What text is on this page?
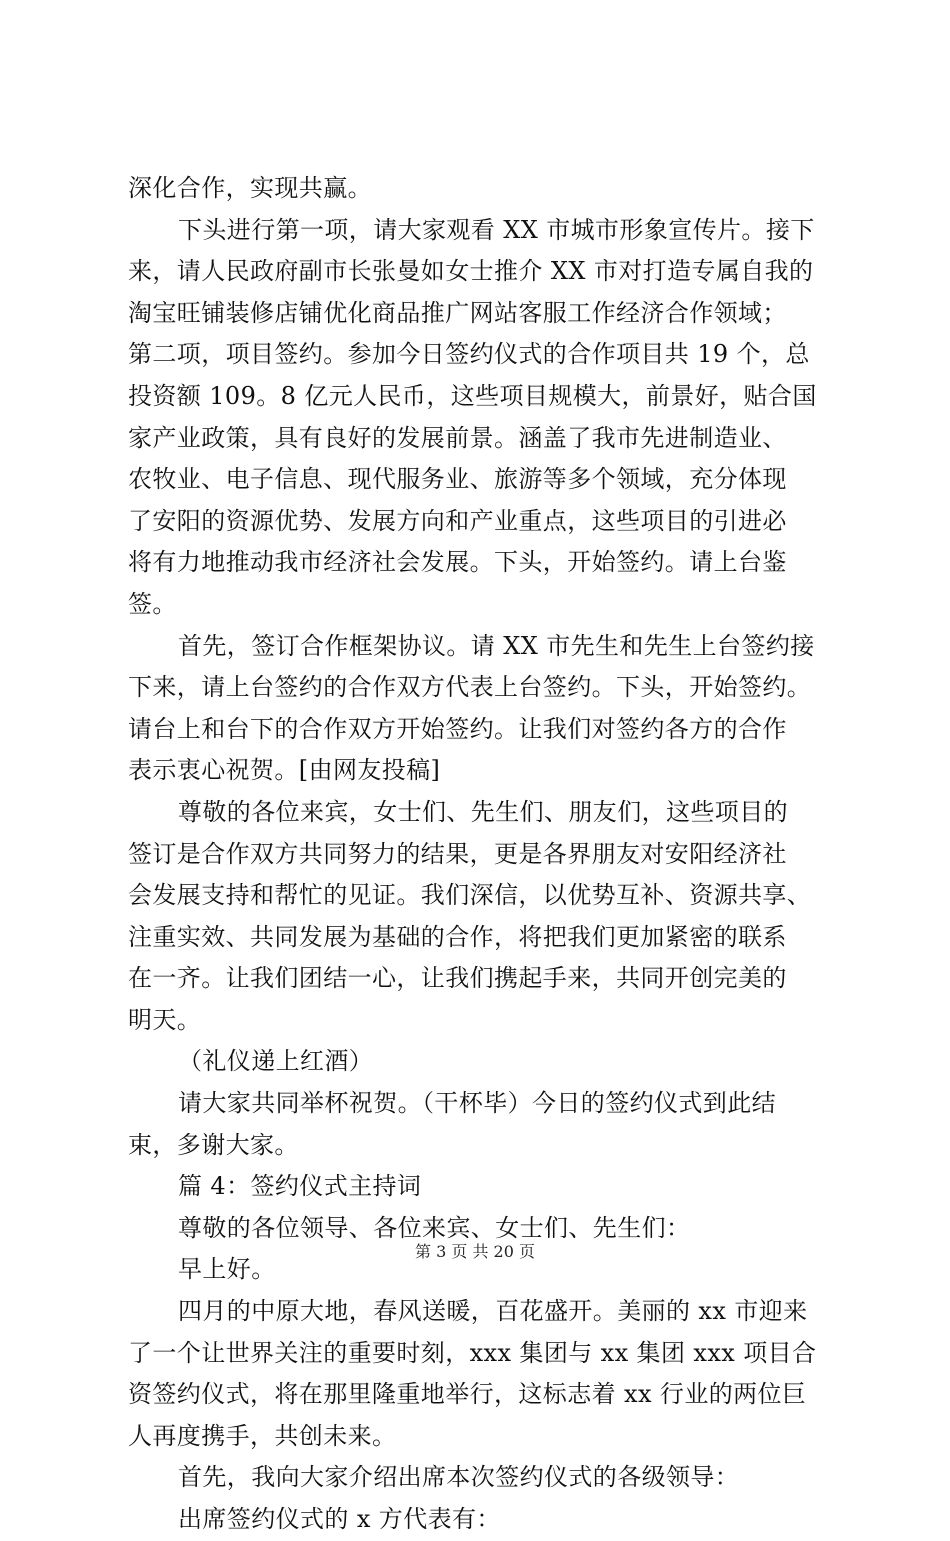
深化合作，实现共赢。
下头进行第一项，请大家观看 XX 市城市形象宣传片。接下
来，请人民政府副市长张曼如女士推介 XX 市对打造专属自我的
淘宝旺铺装修店铺优化商品推广网站客服工作经济合作领域；
第二项，项目签约。参加今日签约仪式的合作项目共 19 个，总
投资额 109。8 亿元人民币，这些项目规模大，前景好，贴合国
家产业政策，具有良好的发展前景。涵盖了我市先进制造业、
农牧业、电子信息、现代服务业、旅游等多个领域，充分体现
了安阳的资源优势、发展方向和产业重点，这些项目的引进必
将有力地推动我市经济社会发展。下头，开始签约。请上台鉴
签。
首先，签订合作框架协议。请 XX 市先生和先生上台签约接
下来，请上台签约的合作双方代表上台签约。下头，开始签约。
请台上和台下的合作双方开始签约。让我们对签约各方的合作
表示衷心祝贺。[由网友投稿]
尊敬的各位来宾，女士们、先生们、朋友们，这些项目的
签订是合作双方共同努力的结果，更是各界朋友对安阳经济社
会发展支持和帮忙的见证。我们深信，以优势互补、资源共享、
注重实效、共同发展为基础的合作，将把我们更加紧密的联系
在一齐。让我们团结一心，让我们携起手来，共同开创完美的
明天。
（礼仪递上红酒）
请大家共同举杯祝贺。（干杯毕）今日的签约仪式到此结
束，多谢大家。
篇 4：签约仪式主持词
尊敬的各位领导、各位来宾、女士们、先生们：
早上好。
四月的中原大地，春风送暖，百花盛开。美丽的 xx 市迎来
了一个让世界关注的重要时刻，xxx 集团与 xx 集团 xxx 项目合
资签约仪式，将在那里隆重地举行，这标志着 xx 行业的两位巨
人再度携手，共创未来。
首先，我向大家介绍出席本次签约仪式的各级领导：
出席签约仪式的 x 方代表有：
第 3 页 共 20 页
